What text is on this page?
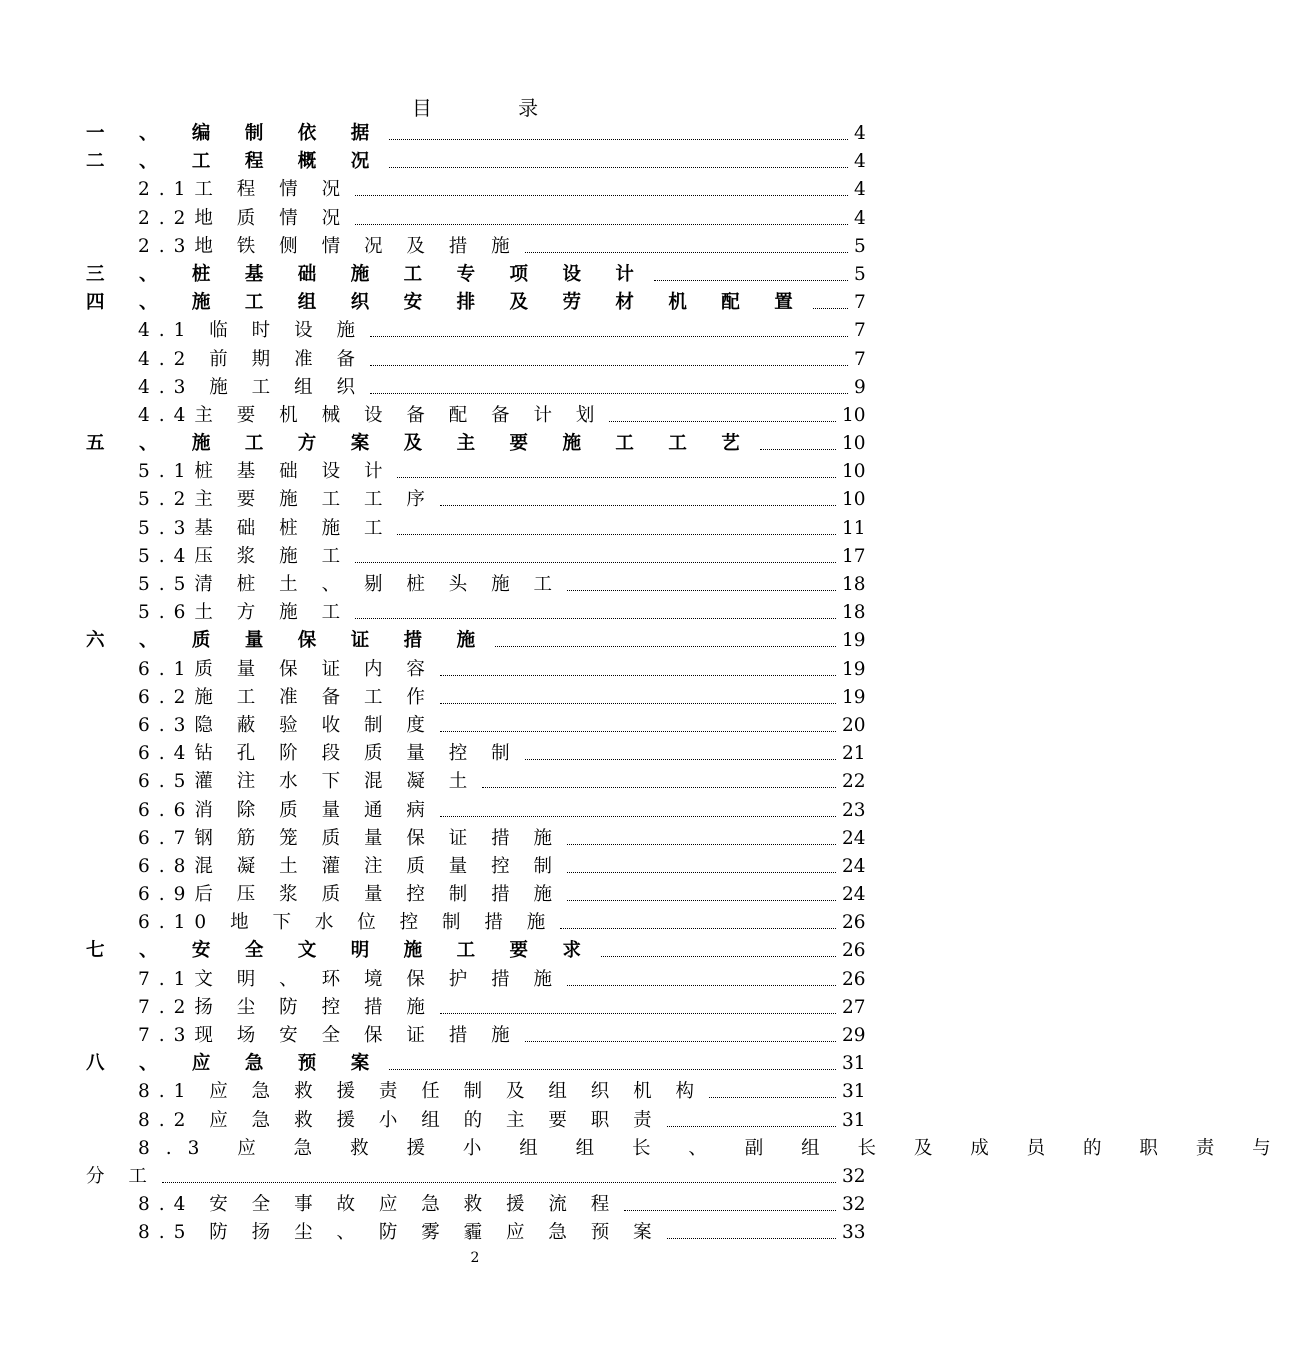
目 录
一 、 编 制 依 据	4
二 、 工 程 概 况	4
2.1工 程 情 况	4
2.2地 质 情 况	4
2.3地 铁 侧 情 况 及 措 施	5
三 、 桩 基 础 施 工 专 项 设 计	5
四 、 施 工 组 织 安 排 及 劳 材 机 配 置	7
4.1 临 时 设 施	7
4.2 前 期 准 备	7
4.3 施 工 组 织	9
4.4主 要 机 械 设 备 配 备 计 划	10
五 、 施 工 方 案 及 主 要 施 工 工 艺	10
5.1桩 基 础 设 计	10
5.2主 要 施 工 工 序	10
5.3基 础 桩 施 工	11
5.4压 浆 施 工	17
5.5清 桩 土 、 剔 桩 头 施 工	18
5.6土 方 施 工	18
六 、 质 量 保 证 措 施	19
6.1质 量 保 证 内 容	19
6.2施 工 准 备 工 作	19
6.3隐 蔽 验 收 制 度	20
6.4钻 孔 阶 段 质 量 控 制	21
6.5灌 注 水 下 混 凝 土	22
6.6消 除 质 量 通 病	23
6.7钢 筋 笼 质 量 保 证 措 施	24
6.8混 凝 土 灌 注 质 量 控 制	24
6.9后 压 浆 质 量 控 制 措 施	24
6.10 地 下 水 位 控 制 措 施	26
七 、 安 全 文 明 施 工 要 求	26
7.1文 明 、 环 境 保 护 措 施	26
7.2扬 尘 防 控 措 施	27
7.3现 场 安 全 保 证 措 施	29
八 、 应 急 预 案	31
8.1 应 急 救 援 责 任 制 及 组 织 机 构	31
8.2 应 急 救 援 小 组 的 主 要 职 责	31
8.3 应 急 救 援 小 组 组 长 、 副 组 长 及 成 员 的 职 责 与
分 工	32
8.4 安 全 事 故 应 急 救 援 流 程	32
8.5 防 扬 尘 、 防 雾 霾 应 急 预 案	33
2
